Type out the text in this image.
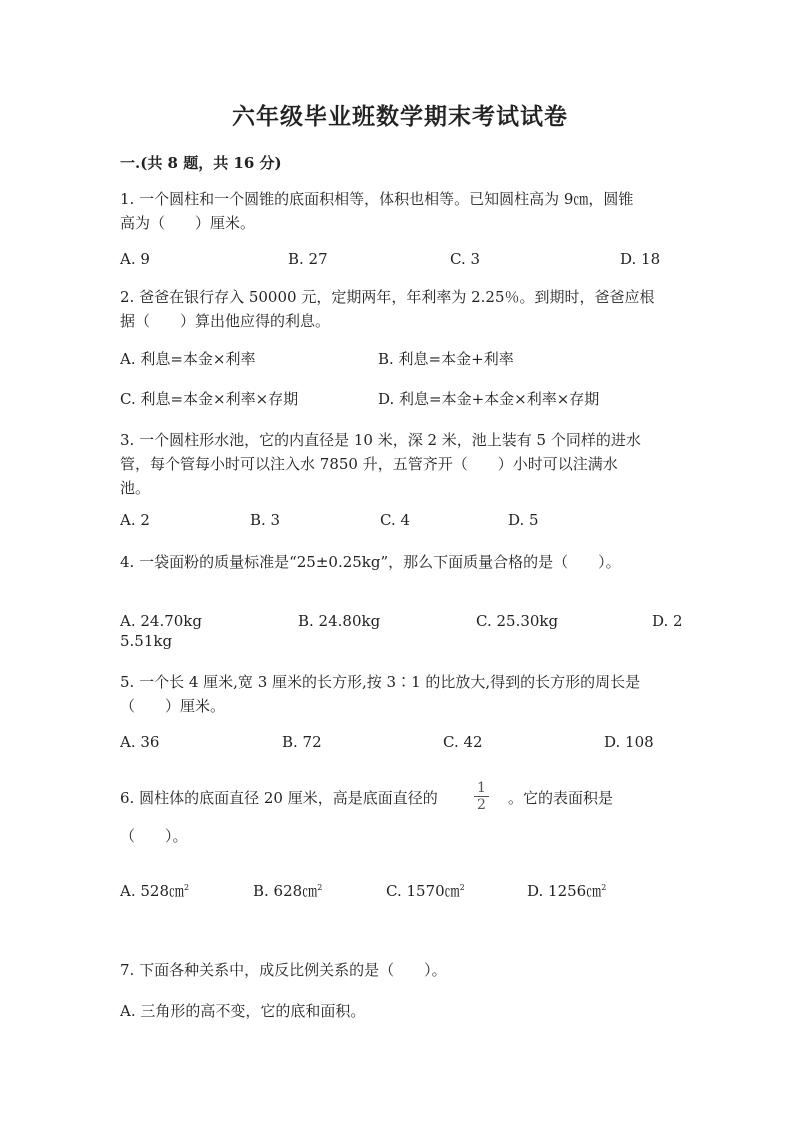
六年级毕业班数学期末考试试卷
一.(共 8 题，共 16 分)
1. 一个圆柱和一个圆锥的底面积相等，体积也相等。已知圆柱高为 9㎝，圆锥
高为（　　）厘米。
A. 9	B. 27	C. 3	D. 18
2. 爸爸在银行存入 50000 元，定期两年，年利率为 2.25％。到期时，爸爸应根
据（　　）算出他应得的利息。
A. 利息=本金×利率	B. 利息=本金+利率
C. 利息=本金×利率×存期	D. 利息=本金+本金×利率×存期
3. 一个圆柱形水池，它的内直径是 10 米，深 2 米，池上装有 5 个同样的进水
管，每个管每小时可以注入水 7850 升，五管齐开（　　）小时可以注满水
池。
A. 2	B. 3	C. 4	D. 5
4. 一袋面粉的质量标准是“25±0.25kg”，那么下面质量合格的是（　　）。
A. 24.70kg	B. 24.80kg	C. 25.30kg	D. 2
5.51kg
5. 一个长 4 厘米,宽 3 厘米的长方形,按 3∶1 的比放大,得到的长方形的周长是
（　　）厘米。
A. 36	B. 72	C. 42	D. 108
6. 圆柱体的底面直径 20 厘米，高是底面直径的	$\frac{1}{2}$ 。它的表面积是
（　　）。
A. 528㎝$^2$	B. 628㎝$^2$	C. 1570㎝$^2$	D. 1256㎝$^2$
7. 下面各种关系中，成反比例关系的是（　　）。
A. 三角形的高不变，它的底和面积。
